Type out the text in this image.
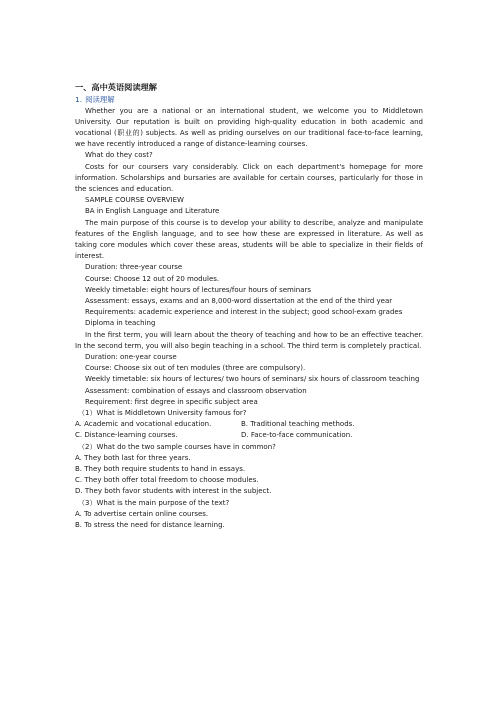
一、高中英语阅读理解
1. 阅读理解

Whether you are a national or an international student, we welcome you to Middletown University. Our reputation is built on providing high-quality education in both academic and vocational (职业的) subjects. As well as priding ourselves on our traditional face-to-face learning, we have recently introduced a range of distance-learning courses.

What do they cost?

Costs for our coursers vary considerably. Click on each department's homepage for more information. Scholarships and bursaries are available for certain courses, particularly for those in the sciences and education.

SAMPLE COURSE OVERVIEW

BA in English Language and Literature

The main purpose of this course is to develop your ability to describe, analyze and manipulate features of the English language, and to see how these are expressed in literature. As well as taking core modules which cover these areas, students will be able to specialize in their fields of interest.

Duration: three-year course

Course: Choose 12 out of 20 modules.

Weekly timetable: eight hours of lectures/four hours of seminars

Assessment: essays, exams and an 8,000-word dissertation at the end of the third year

Requirements: academic experience and interest in the subject; good school-exam grades

Diploma in teaching

In the first term, you will learn about the theory of teaching and how to be an effective teacher. In the second term, you will also begin teaching in a school. The third term is completely practical.

Duration: one-year course

Course: Choose six out of ten modules (three are compulsory).

Weekly timetable: six hours of lectures/ two hours of seminars/ six hours of classroom teaching

Assessment: combination of essays and classroom observation

Requirement: first degree in specific subject area

（1）What is Middletown University famous for?

A. Academic and vocational education.	B. Traditional teaching methods.
C. Distance-learning courses.	D. Face-to-face communication.

（2）What do the two sample courses have in common?

A. They both last for three years.

B. They both require students to hand in essays.

C. They both offer total freedom to choose modules.

D. They both favor students with interest in the subject.

（3）What is the main purpose of the text?

A. To advertise certain online courses.

B. To stress the need for distance learning.
